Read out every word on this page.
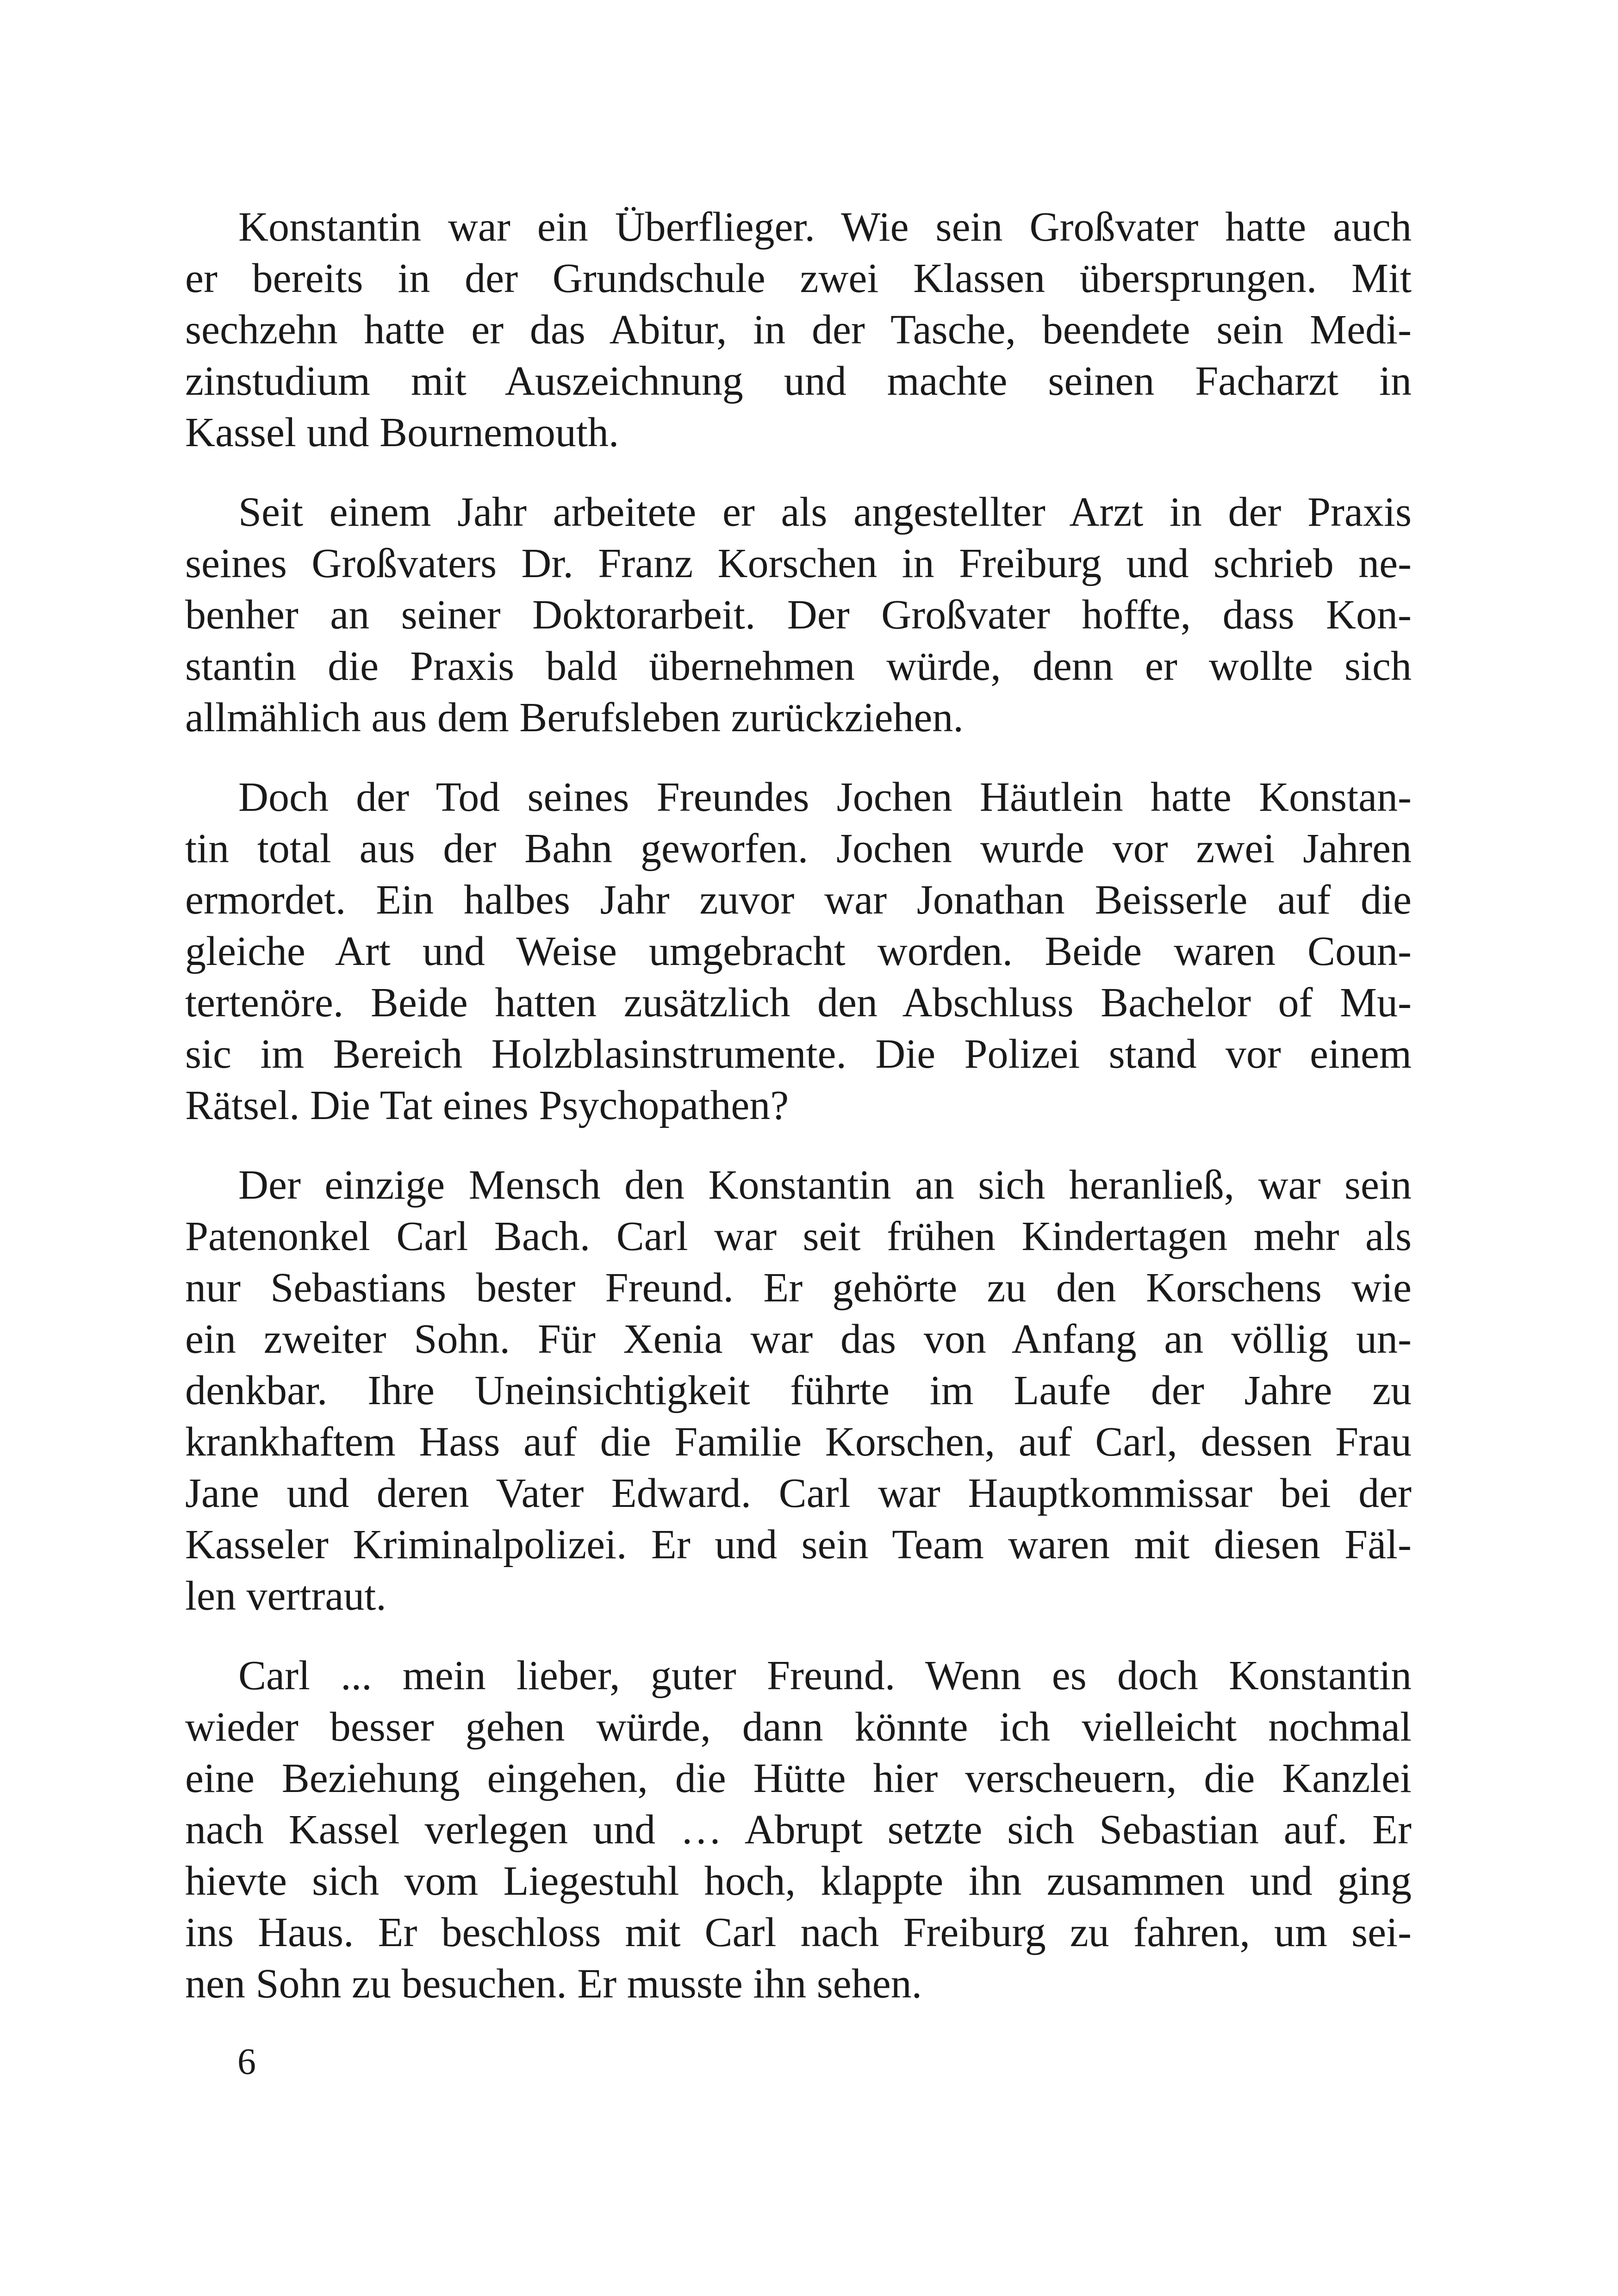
Konstantin war ein Überflieger. Wie sein Großvater hatte auch
er bereits in der Grundschule zwei Klassen übersprungen. Mit
sechzehn hatte er das Abitur, in der Tasche, beendete sein Medi-
zinstudium mit Auszeichnung und machte seinen Facharzt in
Kassel und Bournemouth.

Seit einem Jahr arbeitete er als angestellter Arzt in der Praxis
seines Großvaters Dr. Franz Korschen in Freiburg und schrieb ne-
benher an seiner Doktorarbeit. Der Großvater hoffte, dass Kon-
stantin die Praxis bald übernehmen würde, denn er wollte sich
allmählich aus dem Berufsleben zurückziehen.

Doch der Tod seines Freundes Jochen Häutlein hatte Konstan-
tin total aus der Bahn geworfen. Jochen wurde vor zwei Jahren
ermordet. Ein halbes Jahr zuvor war Jonathan Beisserle auf die
gleiche Art und Weise umgebracht worden. Beide waren Coun-
tertenöre. Beide hatten zusätzlich den Abschluss Bachelor of Mu-
sic im Bereich Holzblasinstrumente. Die Polizei stand vor einem
Rätsel. Die Tat eines Psychopathen?

Der einzige Mensch den Konstantin an sich heranließ, war sein
Patenonkel Carl Bach. Carl war seit frühen Kindertagen mehr als
nur Sebastians bester Freund. Er gehörte zu den Korschens wie
ein zweiter Sohn. Für Xenia war das von Anfang an völlig un-
denkbar. Ihre Uneinsichtigkeit führte im Laufe der Jahre zu
krankhaftem Hass auf die Familie Korschen, auf Carl, dessen Frau
Jane und deren Vater Edward. Carl war Hauptkommissar bei der
Kasseler Kriminalpolizei. Er und sein Team waren mit diesen Fäl-
len vertraut.

Carl ... mein lieber, guter Freund. Wenn es doch Konstantin
wieder besser gehen würde, dann könnte ich vielleicht nochmal
eine Beziehung eingehen, die Hütte hier verscheuern, die Kanzlei
nach Kassel verlegen und … Abrupt setzte sich Sebastian auf. Er
hievte sich vom Liegestuhl hoch, klappte ihn zusammen und ging
ins Haus. Er beschloss mit Carl nach Freiburg zu fahren, um sei-
nen Sohn zu besuchen. Er musste ihn sehen.

6
